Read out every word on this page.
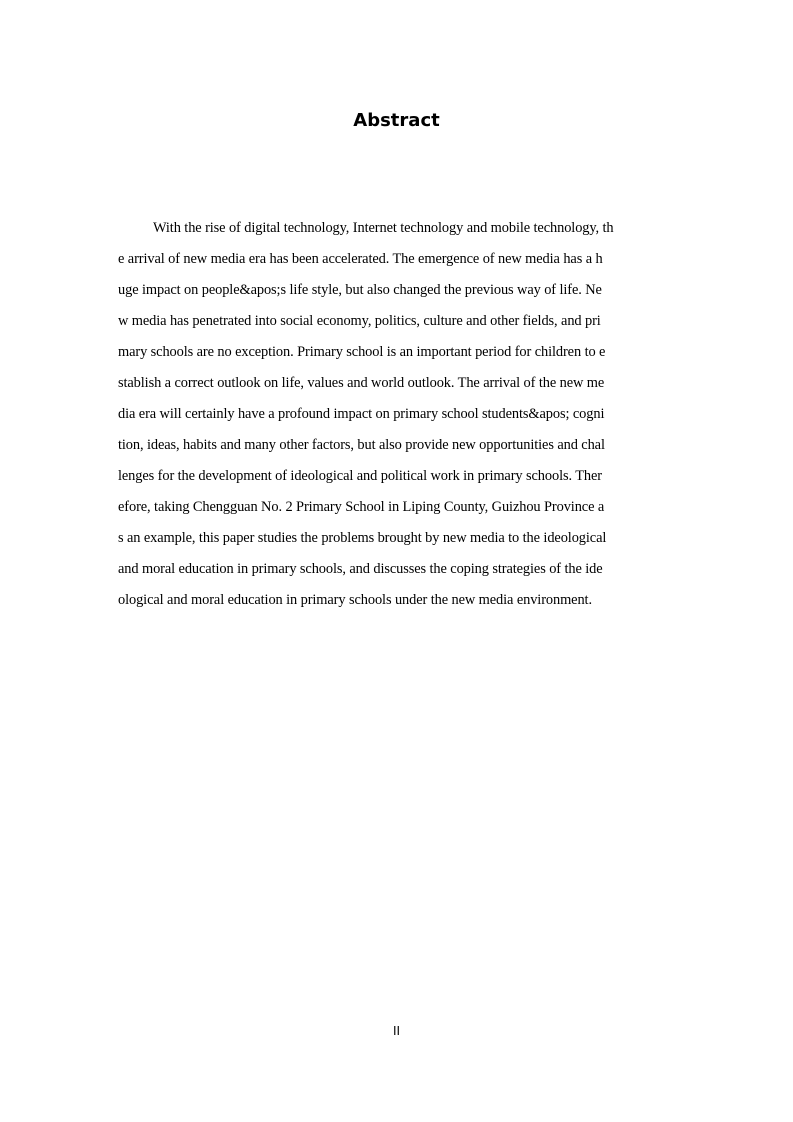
Abstract
With the rise of digital technology, Internet technology and mobile technology, th
e arrival of new media era has been accelerated. The emergence of new media has a h
uge impact on people&apos;s life style, but also changed the previous way of life. Ne
w media has penetrated into social economy, politics, culture and other fields, and pri
mary schools are no exception. Primary school is an important period for children to e
stablish a correct outlook on life, values and world outlook. The arrival of the new me
dia era will certainly have a profound impact on primary school students&apos; cogni
tion, ideas, habits and many other factors, but also provide new opportunities and chal
lenges for the development of ideological and political work in primary schools. Ther
efore, taking Chengguan No. 2 Primary School in Liping County, Guizhou Province a
s an example, this paper studies the problems brought by new media to the ideological
and moral education in primary schools, and discusses the coping strategies of the ide
ological and moral education in primary schools under the new media environment.
II
